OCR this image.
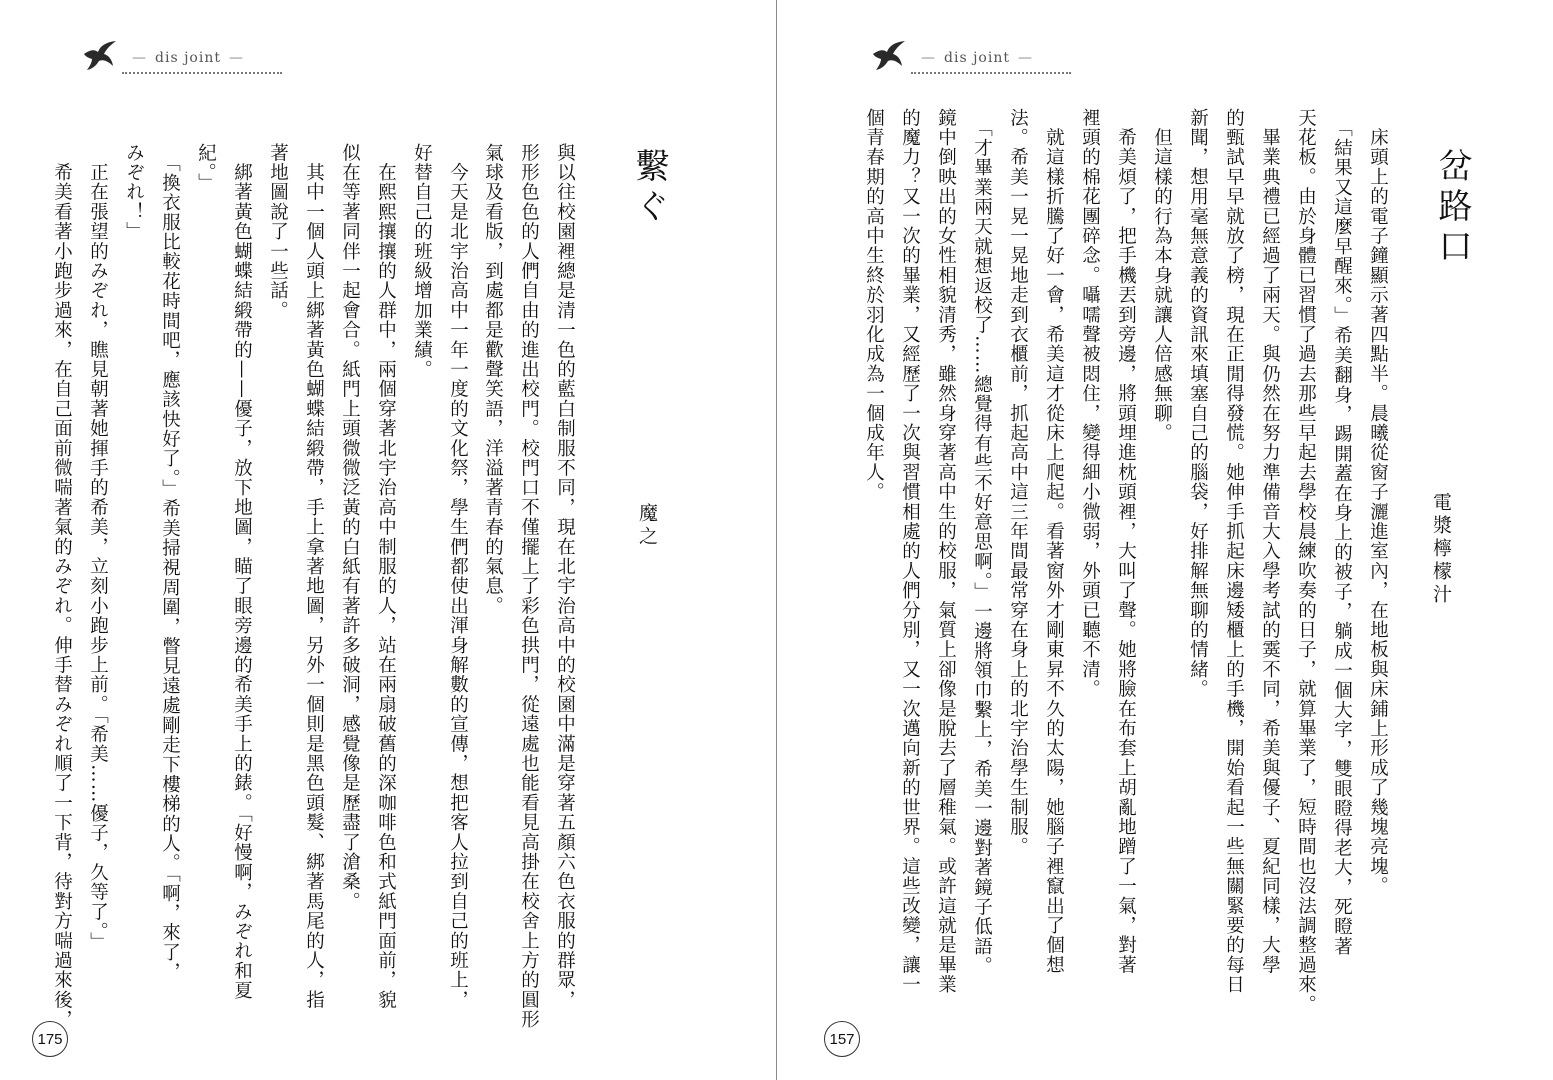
— dis joint —
繫ぐ
魔之
與以往校園裡總是清一色的藍白制服不同，現在北宇治高中的校園中滿是穿著五顏六色衣服的群眾，
形形色色的人們自由的進出校門。校門口不僅擺上了彩色拱門，從遠處也能看見高掛在校舍上方的圓形
氣球及看版，到處都是歡聲笑語，洋溢著青春的氣息。
　今天是北宇治高中一年一度的文化祭，學生們都使出渾身解數的宣傳，想把客人拉到自己的班上，
好替自己的班級增加業績。
　在熙熙攘攘的人群中，兩個穿著北宇治高中制服的人，站在兩扇破舊的深咖啡色和式紙門面前，貌
似在等著同伴一起會合。紙門上頭微微泛黃的白紙有著許多破洞，感覺像是歷盡了滄桑。
　其中一個人頭上綁著黃色蝴蝶結緞帶，手上拿著地圖，另外一個則是黑色頭髮、綁著馬尾的人，指
著地圖說了一些話。
　綁著黃色蝴蝶結緞帶的——優子，放下地圖，瞄了眼旁邊的希美手上的錶。「好慢啊，みぞれ和夏
紀。」
　「換衣服比較花時間吧，應該快好了。」希美掃視周圍，瞥見遠處剛走下樓梯的人。「啊，來了，
みぞれ！」
　正在張望的みぞれ，瞧見朝著她揮手的希美，立刻小跑步上前。「希美……優子，久等了。」
　希美看著小跑步過來，在自己面前微喘著氣的みぞれ。伸手替みぞれ順了一下背，待對方喘過來後，
175
— dis joint —
岔路口
電漿檸檬汁
　床頭上的電子鐘顯示著四點半。晨曦從窗子灑進室內，在地板與床鋪上形成了幾塊亮塊。
　「結果又這麼早醒來。」希美翻身，踢開蓋在身上的被子，躺成一個大字，雙眼瞪得老大，死瞪著
天花板。由於身體已習慣了過去那些早起去學校晨練吹奏的日子，就算畢業了，短時間也沒法調整過來。
　畢業典禮已經過了兩天。與仍然在努力準備音大入學考試的霙不同，希美與優子、夏紀同樣，大學
的甄試早早就放了榜，現在正閒得發慌。她伸手抓起床邊矮櫃上的手機，開始看起一些無關緊要的每日
新聞，想用毫無意義的資訊來填塞自己的腦袋，好排解無聊的情緒。
　但這樣的行為本身就讓人倍感無聊。
　希美煩了，把手機丟到旁邊，將頭埋進枕頭裡，大叫了聲。她將臉在布套上胡亂地蹭了一氣，對著
裡頭的棉花團碎念。囁嚅聲被悶住，變得細小微弱，外頭已聽不清。
　就這樣折騰了好一會，希美這才從床上爬起。看著窗外才剛東昇不久的太陽，她腦子裡竄出了個想
法。希美一晃一晃地走到衣櫃前，抓起高中這三年間最常穿在身上的北宇治學生制服。
　「才畢業兩天就想返校了……總覺得有些不好意思啊。」一邊將領巾繫上，希美一邊對著鏡子低語。
鏡中倒映出的女性相貌清秀，雖然身穿著高中生的校服，氣質上卻像是脫去了層稚氣。或許這就是畢業
的魔力？又一次的畢業，又經歷了一次與習慣相處的人們分別，又一次邁向新的世界。這些改變，讓一
個青春期的高中生終於羽化成為一個成年人。
157
